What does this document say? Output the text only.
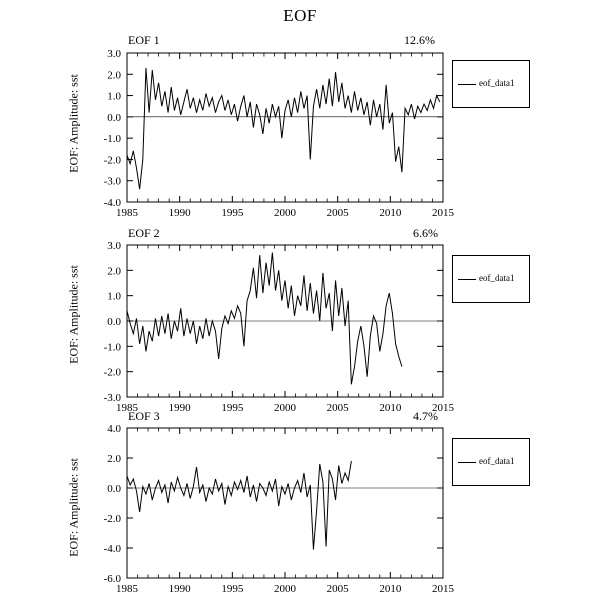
EOF
EOF 1	12.6%
EOF: Amplitude: sst
-4.0
-3.0
-2.0
-1.0
0.0
1.0
2.0
3.0
1985	1990	1995	2000	2005	2010	2015
eof_data1
EOF 2	6.6%
EOF: Amplitude: sst
-3.0
-2.0
-1.0
0.0
1.0
2.0
3.0
1985	1990	1995	2000	2005	2010	2015
eof_data1
EOF 3	4.7%
EOF: Amplitude: sst
-6.0
-4.0
-2.0
0.0
2.0
4.0
1985	1990	1995	2000	2005	2010	2015
eof_data1
